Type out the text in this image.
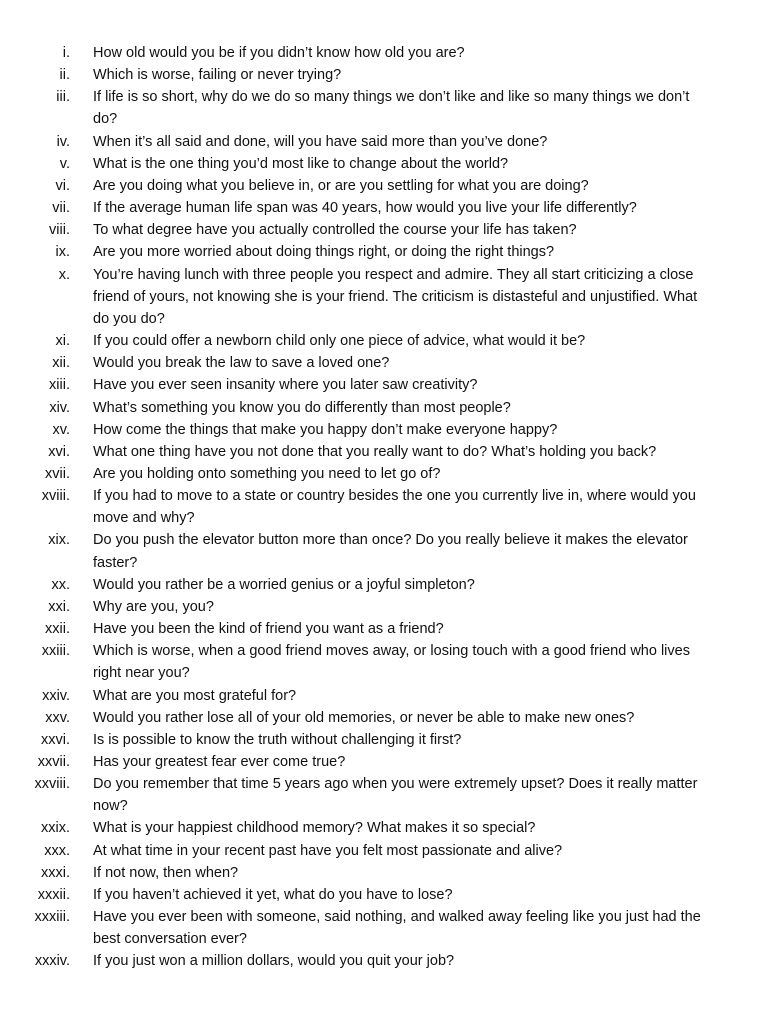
i. How old would you be if you didn’t know how old you are?
ii. Which is worse, failing or never trying?
iii. If life is so short, why do we do so many things we don’t like and like so many things we don’t do?
iv. When it’s all said and done, will you have said more than you’ve done?
v. What is the one thing you’d most like to change about the world?
vi. Are you doing what you believe in, or are you settling for what you are doing?
vii. If the average human life span was 40 years, how would you live your life differently?
viii. To what degree have you actually controlled the course your life has taken?
ix. Are you more worried about doing things right, or doing the right things?
x. You’re having lunch with three people you respect and admire. They all start criticizing a close friend of yours, not knowing she is your friend. The criticism is distasteful and unjustified. What do you do?
xi. If you could offer a newborn child only one piece of advice, what would it be?
xii. Would you break the law to save a loved one?
xiii. Have you ever seen insanity where you later saw creativity?
xiv. What’s something you know you do differently than most people?
xv. How come the things that make you happy don’t make everyone happy?
xvi. What one thing have you not done that you really want to do? What’s holding you back?
xvii. Are you holding onto something you need to let go of?
xviii. If you had to move to a state or country besides the one you currently live in, where would you move and why?
xix. Do you push the elevator button more than once? Do you really believe it makes the elevator faster?
xx. Would you rather be a worried genius or a joyful simpleton?
xxi. Why are you, you?
xxii. Have you been the kind of friend you want as a friend?
xxiii. Which is worse, when a good friend moves away, or losing touch with a good friend who lives right near you?
xxiv. What are you most grateful for?
xxv. Would you rather lose all of your old memories, or never be able to make new ones?
xxvi. Is is possible to know the truth without challenging it first?
xxvii. Has your greatest fear ever come true?
xxviii. Do you remember that time 5 years ago when you were extremely upset? Does it really matter now?
xxix. What is your happiest childhood memory? What makes it so special?
xxx. At what time in your recent past have you felt most passionate and alive?
xxxi. If not now, then when?
xxxii. If you haven’t achieved it yet, what do you have to lose?
xxxiii. Have you ever been with someone, said nothing, and walked away feeling like you just had the best conversation ever?
xxxiv. If you just won a million dollars, would you quit your job?
